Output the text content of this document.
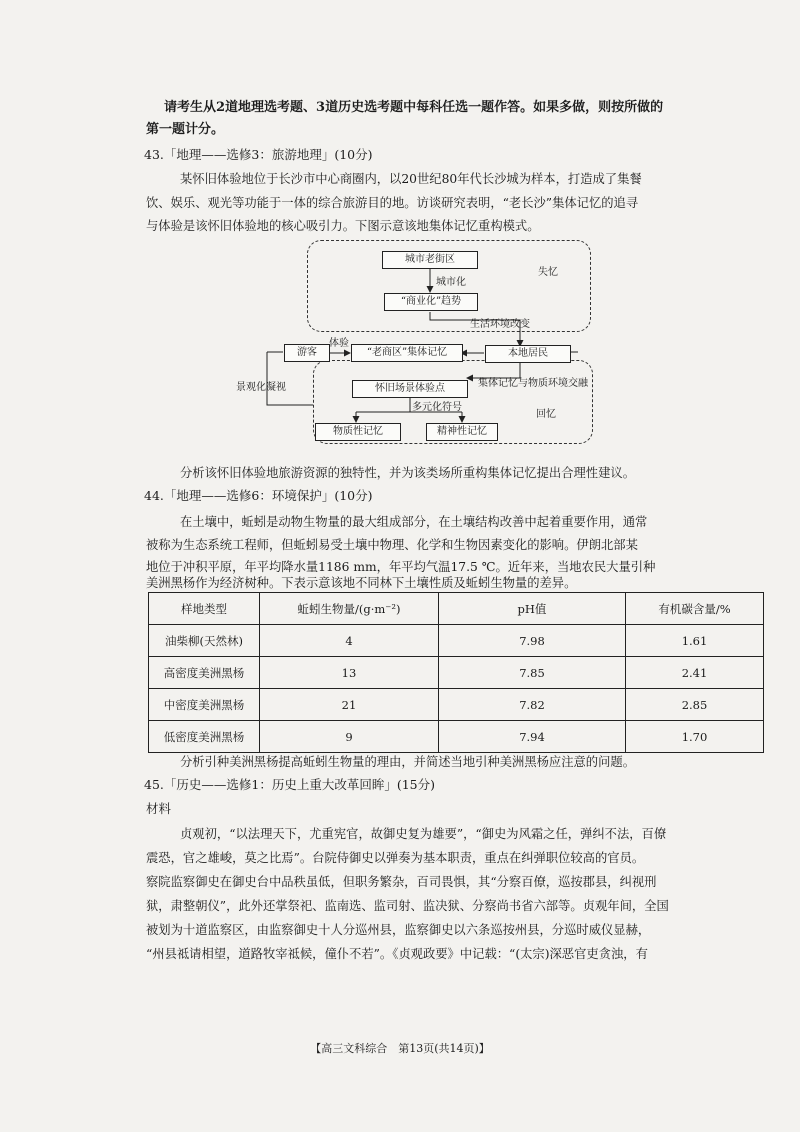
请考生从2道地理选考题、3道历史选考题中每科任选一题作答。如果多做，则按所做的
第一题计分。
43.「地理——选修3：旅游地理」(10分)
某怀旧体验地位于长沙市中心商圈内，以20世纪80年代长沙城为样本，打造成了集餐
饮、娱乐、观光等功能于一体的综合旅游目的地。访谈研究表明，“老长沙”集体记忆的追寻
与体验是该怀旧体验地的核心吸引力。下图示意该地集体记忆重构模式。
城市老街区
城市化
“商业化”趋势
失忆
生活环境改变
游客
体验
“老商区”集体记忆	本地居民
景观化凝视	集体记忆与物质环境交融
怀旧场景体验点
多元化符号
回忆
物质性记忆	精神性记忆
分析该怀旧体验地旅游资源的独特性，并为该类场所重构集体记忆提出合理性建议。
44.「地理——选修6：环境保护」(10分)
在土壤中，蚯蚓是动物生物量的最大组成部分，在土壤结构改善中起着重要作用，通常
被称为生态系统工程师，但蚯蚓易受土壤中物理、化学和生物因素变化的影响。伊朗北部某
地位于冲积平原，年平均降水量1186 mm，年平均气温17.5 ℃。近年来，当地农民大量引种
美洲黑杨作为经济树种。下表示意该地不同林下土壤性质及蚯蚓生物量的差异。
样地类型	蚯蚓生物量/(g·m⁻²)	pH值	有机碳含量/%
油柴柳(天然林)	4	7.98	1.61
高密度美洲黑杨	13	7.85	2.41
中密度美洲黑杨	21	7.82	2.85
低密度美洲黑杨	9	7.94	1.70
分析引种美洲黑杨提高蚯蚓生物量的理由，并简述当地引种美洲黑杨应注意的问题。
45.「历史——选修1：历史上重大改革回眸」(15分)
材料
贞观初，“以法理天下，尤重宪官，故御史复为雄要”，“御史为风霜之任，弹纠不法，百僚
震恐，官之雄峻，莫之比焉”。台院侍御史以弹奏为基本职责，重点在纠弹职位较高的官员。
察院监察御史在御史台中品秩虽低，但职务繁杂，百司畏惧，其“分察百僚，巡按郡县，纠视刑
狱，肃整朝仪”，此外还掌祭祀、监南选、监司射、监决狱、分察尚书省六部等。贞观年间，全国
被划为十道监察区，由监察御史十人分巡州县，监察御史以六条巡按州县，分巡时威仪显赫，
“州县祗请相望，道路牧宰祗候，僮仆不若”。《贞观政要》中记载：“(太宗)深恶官吏贪浊，有
【高三文科综合　第13页(共14页)】
